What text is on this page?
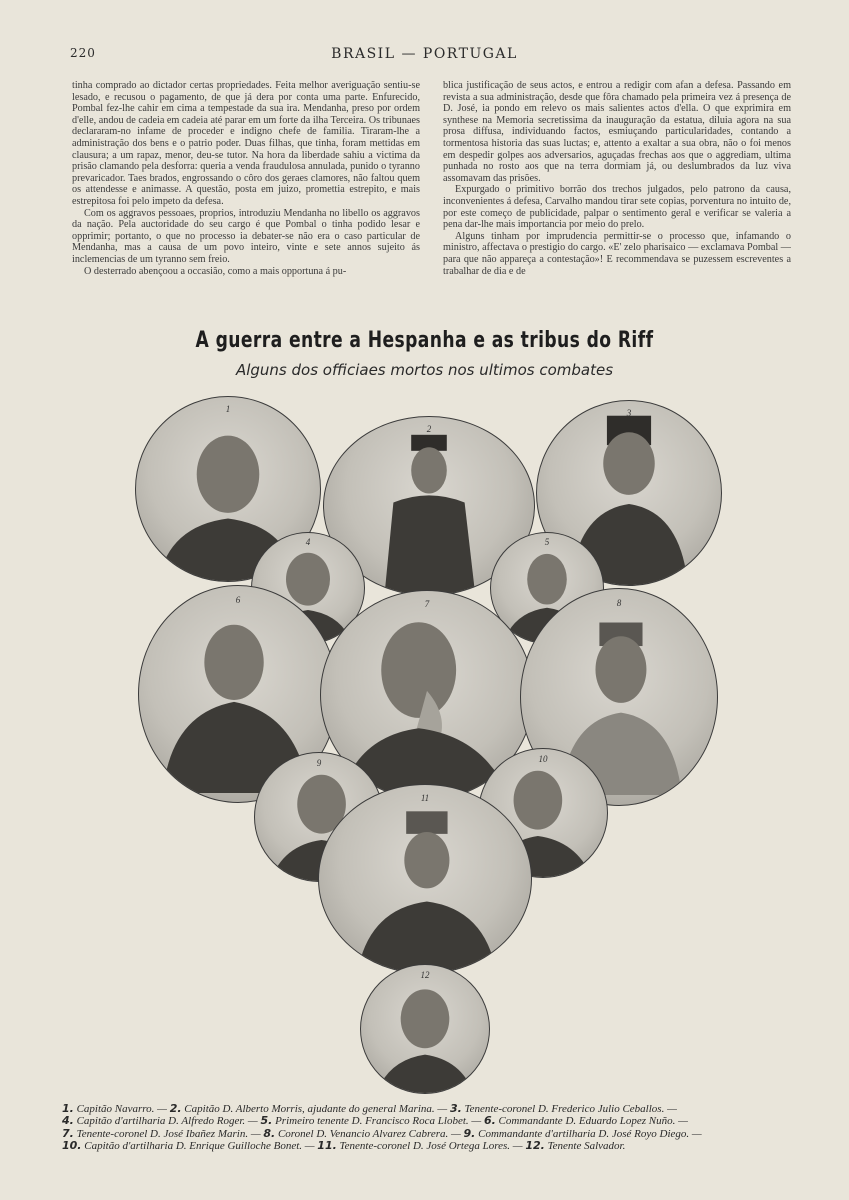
220	BRASIL — PORTUGAL

tinha comprado ao dictador certas propriedades. Feita melhor averiguação sentiu-se lesado, e recusou o pagamento, de que já dera por conta uma parte. Enfurecido, Pombal fez-lhe cahir em cima a tempestade da sua ira. Mendanha, preso por ordem d'elle, andou de cadeia em cadeia até parar em um forte da ilha Terceira. Os tribunaes declararam-no infame de proceder e indigno chefe de familia. Tiraram-lhe a administração dos bens e o patrio poder. Duas filhas, que tinha, foram mettidas em clausura; a um rapaz, menor, deu-se tutor. Na hora da liberdade sahiu a victima da prisão clamando pela desforra: queria a venda fraudulosa annulada, punido o tyranno prevaricador. Taes brados, engrossando o côro dos geraes clamores, não faltou quem os attendesse e animasse. A questão, posta em juizo, promettia estrepito, e mais estrepitosa foi pelo impeto da defesa.

Com os aggravos pessoaes, proprios, introduziu Mendanha no libello os aggravos da nação. Pela auctoridade do seu cargo é que Pombal o tinha podido lesar e opprimir; portanto, o que no processo ia debater-se não era o caso particular de Mendanha, mas a causa de um povo inteiro, vinte e sete annos sujeito ás inclemencias de um tyranno sem freio.

O desterrado abençoou a occasião, como a mais opportuna á pu-

blica justificação de seus actos, e entrou a redigir com afan a defesa. Passando em revista a sua administração, desde que fôra chamado pela primeira vez á presença de D. José, ia pondo em relevo os mais salientes actos d'ella. O que exprimira em synthese na Memoria secretissima da inauguração da estatua, diluia agora na sua prosa diffusa, individuando factos, esmiuçando particularidades, contando a tormentosa historia das suas luctas; e, attento a exaltar a sua obra, não o foi menos em despedir golpes aos adversarios, aguçadas frechas aos que o aggrediam, ultima punhada no rosto aos que na terra dormiam já, ou deslumbrados da luz viva assomavam das prisões.

Expurgado o primitivo borrão dos trechos julgados, pelo patrono da causa, inconvenientes á defesa, Carvalho mandou tirar sete copias, porventura no intuito de, por este começo de publicidade, palpar o sentimento geral e verificar se valeria a pena dar-lhe mais importancia por meio do prelo.

Alguns tinham por imprudencia permittir-se o processo que, infamando o ministro, affectava o prestigio do cargo. «E' zelo pharisaico — exclamava Pombal — para que não appareça a contestação»! E recommendava se puzessem escreventes a trabalhar de dia e de

A guerra entre a Hespanha e as tribus do Riff
Alguns dos officiaes mortos nos ultimos combates
1
2
3
4	5
6	7	8
9	10
11
12
1. Capitão Navarro. — 2. Capitão D. Alberto Morris, ajudante do general Marina. — 3. Tenente-coronel D. Frederico Julio Ceballos. —
4. Capitão d'artilharia D. Alfredo Roger. — 5. Primeiro tenente D. Francisco Roca Llobet. — 6. Commandante D. Eduardo Lopez Nuño. —
7. Tenente-coronel D. José Ibañez Marin. — 8. Coronel D. Venancio Alvarez Cabrera. — 9. Commandante d'artilharia D. José Royo Diego. —
10. Capitão d'artilharia D. Enrique Guilloche Bonet. — 11. Tenente-coronel D. José Ortega Lores. — 12. Tenente Salvador.
